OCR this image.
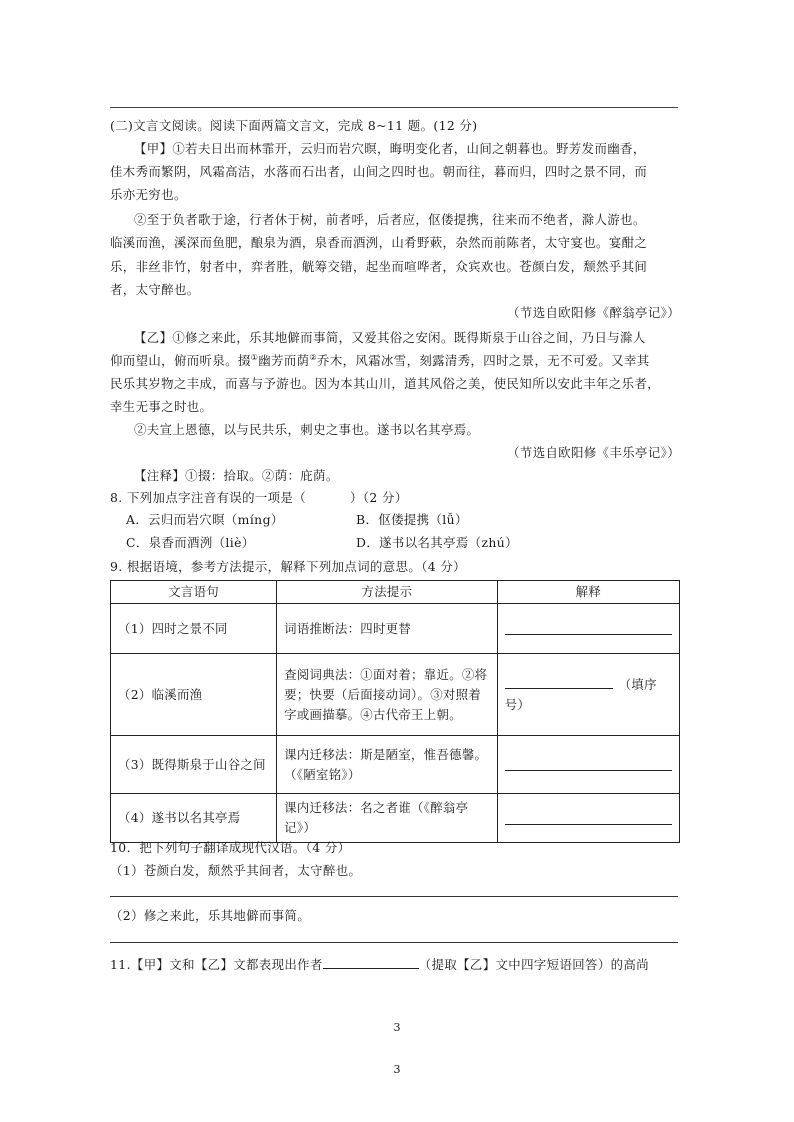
(二)文言文阅读。阅读下面两篇文言文，完成 8~11 题。(12 分)
【甲】①若夫日出而林霏开，云归而岩穴暝，晦明变化者，山间之朝暮也。野芳发而幽香，
佳木秀而繁阴，风霜高洁，水落而石出者，山间之四时也。朝而往，暮而归，四时之景不同，而
乐亦无穷也。
②至于负者歌于途，行者休于树，前者呼，后者应，伛偻提携，往来而不绝者，滁人游也。
临溪而渔，溪深而鱼肥，酿泉为酒，泉香而酒洌，山肴野蔌，杂然而前陈者，太守宴也。宴酣之
乐，非丝非竹，射者中，弈者胜，觥筹交错，起坐而喧哗者，众宾欢也。苍颜白发，颓然乎其间
者，太守醉也。
（节选自欧阳修《醉翁亭记》）
【乙】①修之来此，乐其地僻而事简，又爱其俗之安闲。既得斯泉于山谷之间，乃日与滁人
仰而望山，俯而听泉。掇①幽芳而荫②乔木，风霜冰雪，刻露清秀，四时之景，无不可爱。又幸其
民乐其岁物之丰成，而喜与予游也。因为本其山川，道其风俗之美，使民知所以安此丰年之乐者，
幸生无事之时也。
②夫宣上恩德，以与民共乐，刺史之事也。遂书以名其亭焉。
（节选自欧阳修《丰乐亭记》）
【注释】①掇：拾取。②荫：庇荫。
8. 下列加点字注音有误的一项是（	）（2 分）
A．云归而岩穴暝（míng）	B．伛偻提携（lǚ）
C．泉香而酒洌（liè）	D．遂书以名其亭焉（zhú）
9. 根据语境，参考方法提示，解释下列加点词的意思。（4 分）
文言语句	方法提示	解释
（1）四时之景不同	词语推断法：四时更替	

（2）临溪而渔	查阅词典法：①面对着；靠近。②将要；快要（后面接动词）。③对照着字或画描摹。④古代帝王上朝。	（填序号）
（3）既得斯泉于山谷之间	课内迁移法：斯是陋室，惟吾德馨。（《陋室铭》）	

（4）遂书以名其亭焉	课内迁移法：名之者谁（《醉翁亭记》）	
10．把下列句子翻译成现代汉语。（4 分）
（1）苍颜白发，颓然乎其间者，太守醉也。
（2）修之来此，乐其地僻而事简。
11.【甲】文和【乙】文都表现出作者	（提取【乙】文中四字短语回答）的高尚
3
3
